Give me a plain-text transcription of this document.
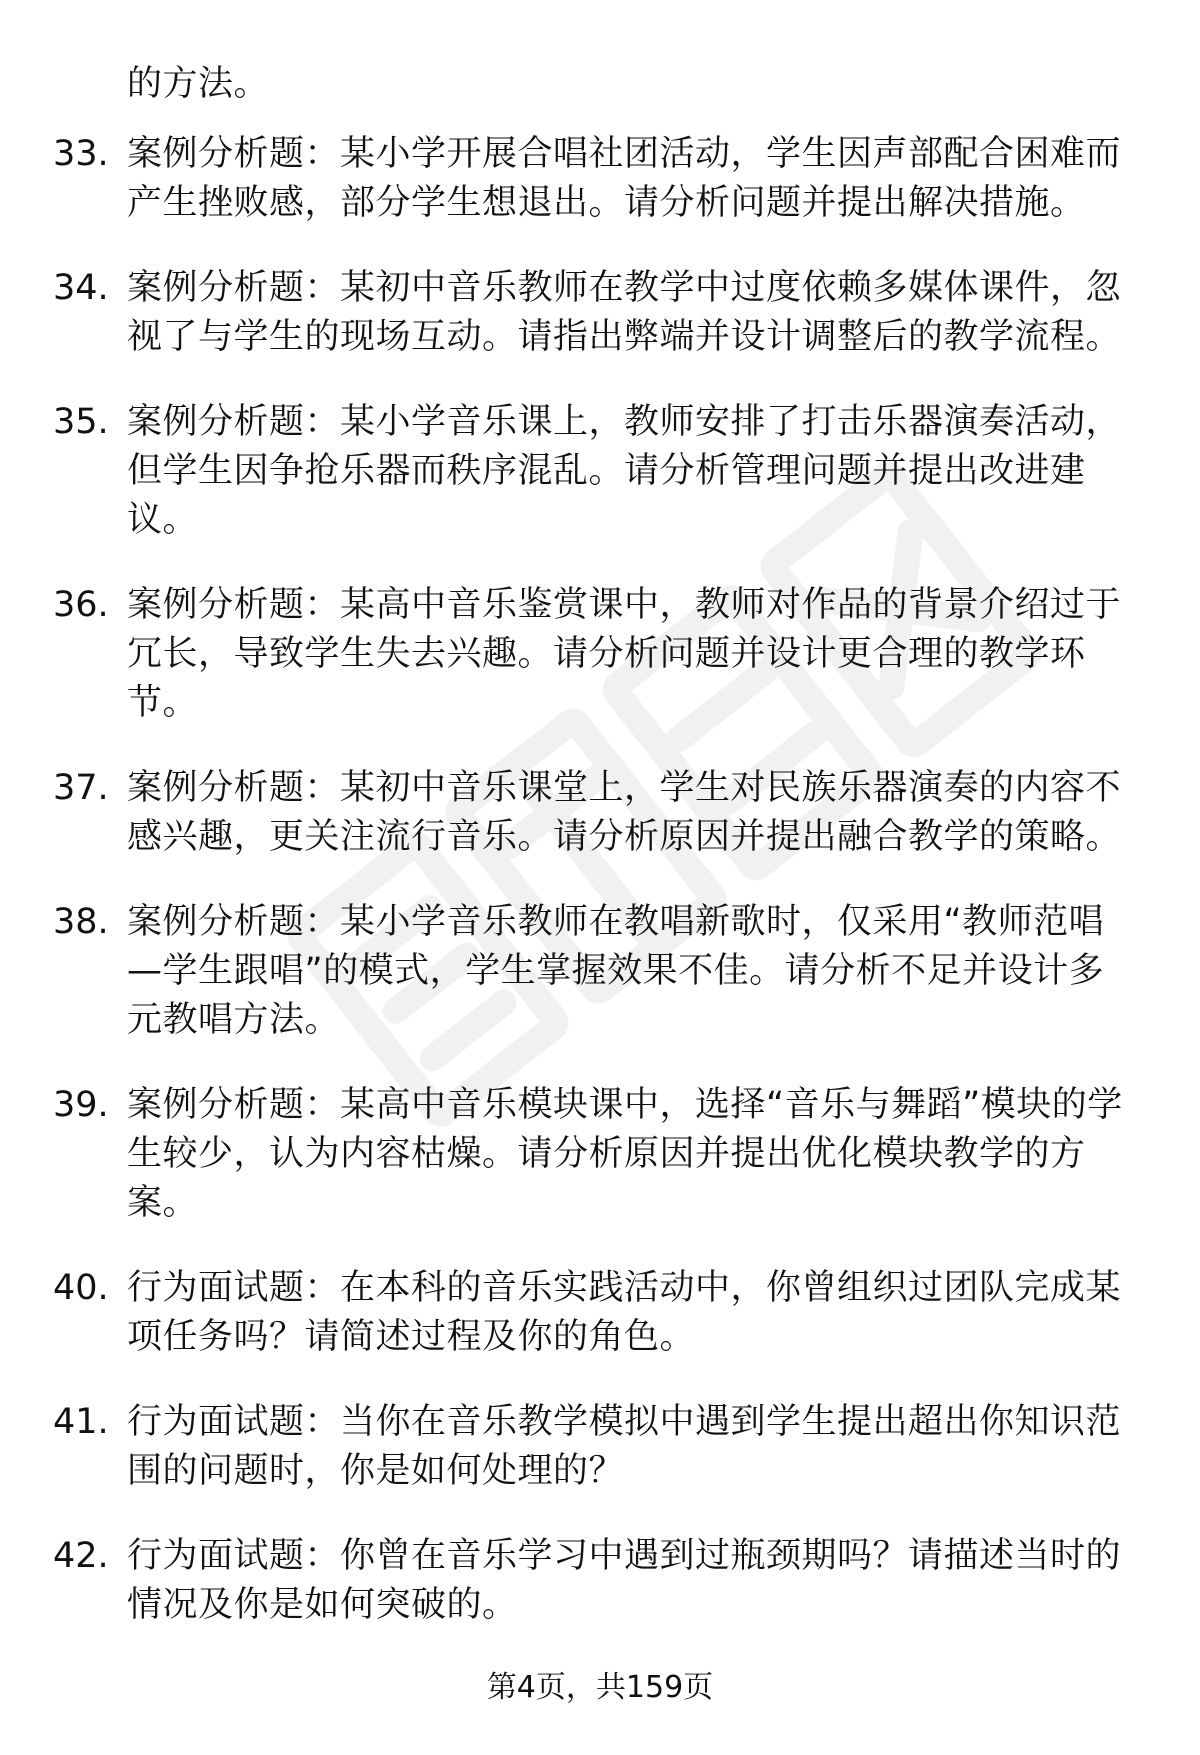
的方法。
33. 案例分析题：某小学开展合唱社团活动，学生因声部配合困难而产生挫败感，部分学生想退出。请分析问题并提出解决措施。
34. 案例分析题：某初中音乐教师在教学中过度依赖多媒体课件，忽视了与学生的现场互动。请指出弊端并设计调整后的教学流程。
35. 案例分析题：某小学音乐课上，教师安排了打击乐器演奏活动，但学生因争抢乐器而秩序混乱。请分析管理问题并提出改进建议。
36. 案例分析题：某高中音乐鉴赏课中，教师对作品的背景介绍过于冗长，导致学生失去兴趣。请分析问题并设计更合理的教学环节。
37. 案例分析题：某初中音乐课堂上，学生对民族乐器演奏的内容不感兴趣，更关注流行音乐。请分析原因并提出融合教学的策略。
38. 案例分析题：某小学音乐教师在教唱新歌时，仅采用“教师范唱—学生跟唱”的模式，学生掌握效果不佳。请分析不足并设计多元教唱方法。
39. 案例分析题：某高中音乐模块课中，选择“音乐与舞蹈”模块的学生较少，认为内容枯燥。请分析原因并提出优化模块教学的方案。
40. 行为面试题：在本科的音乐实践活动中，你曾组织过团队完成某项任务吗？请简述过程及你的角色。
41. 行为面试题：当你在音乐教学模拟中遇到学生提出超出你知识范围的问题时，你是如何处理的？
42. 行为面试题：你曾在音乐学习中遇到过瓶颈期吗？请描述当时的情况及你是如何突破的。
第4页，共159页
